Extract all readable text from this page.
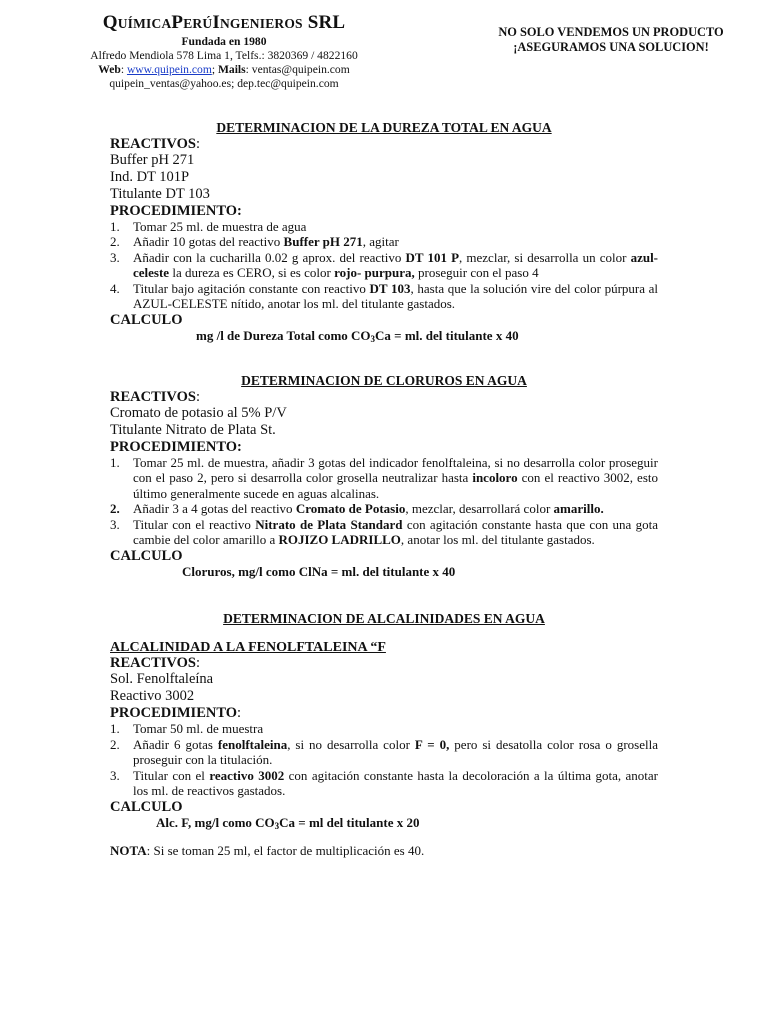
QUÍMICAPERÚINGENIEROS SRL
Fundada en 1980
Alfredo Mendiola 578 Lima 1, Telfs.: 3820369 / 4822160
Web: www.quipein.com; Mails: ventas@quipein.com
quipein_ventas@yahoo.es; dep.tec@quipein.com
NO SOLO VENDEMOS UN PRODUCTO
¡ASEGURAMOS UNA SOLUCION!
DETERMINACION DE LA DUREZA TOTAL EN AGUA
REACTIVOS:
Buffer pH 271
Ind. DT 101P
Titulante DT 103
PROCEDIMIENTO:
1. Tomar 25 ml. de muestra de agua
2. Añadir 10 gotas del reactivo Buffer pH 271, agitar
3. Añadir con la cucharilla 0.02 g aprox. del reactivo DT 101 P, mezclar, si desarrolla un color azul-celeste la dureza es CERO, si es color rojo- purpura, proseguir con el paso 4
4. Titular bajo agitación constante con reactivo DT 103, hasta que la solución vire del color púrpura al AZUL-CELESTE nítido, anotar los ml. del titulante gastados.
CALCULO
mg /l de Dureza Total como $CO_3Ca$ = ml. del titulante x 40
DETERMINACION DE CLORUROS EN AGUA
REACTIVOS:
Cromato de potasio al 5% P/V
Titulante Nitrato de Plata St.
PROCEDIMIENTO:
1. Tomar 25 ml. de muestra, añadir 3 gotas del indicador fenolftaleina, si no desarrolla color proseguir con el paso 2, pero si desarrolla color grosella neutralizar hasta incoloro con el reactivo 3002, esto último generalmente sucede en aguas alcalinas.
2. Añadir 3 a 4 gotas del reactivo Cromato de Potasio, mezclar, desarrollará color amarillo.
3. Titular con el reactivo Nitrato de Plata Standard con agitación constante hasta que con una gota cambie del color amarillo a ROJIZO LADRILLO, anotar los ml. del titulante gastados.
CALCULO
Cloruros, mg/l como ClNa = ml. del titulante x 40
DETERMINACION DE ALCALINIDADES EN AGUA
ALCALINIDAD A LA FENOLFTALEINA “F
REACTIVOS:
Sol. Fenolftaleína
Reactivo 3002
PROCEDIMIENTO:
1. Tomar 50 ml. de muestra
2. Añadir 6 gotas fenolftaleina, si no desarrolla color F = 0, pero si desatolla color rosa o grosella proseguir con la titulación.
3. Titular con el reactivo 3002 con agitación constante hasta la decoloración a la última gota, anotar los ml. de reactivos gastados.
CALCULO
Alc. F, mg/l como $CO_3Ca$ = ml del titulante x 20
NOTA: Si se toman 25 ml, el factor de multiplicación es 40.
